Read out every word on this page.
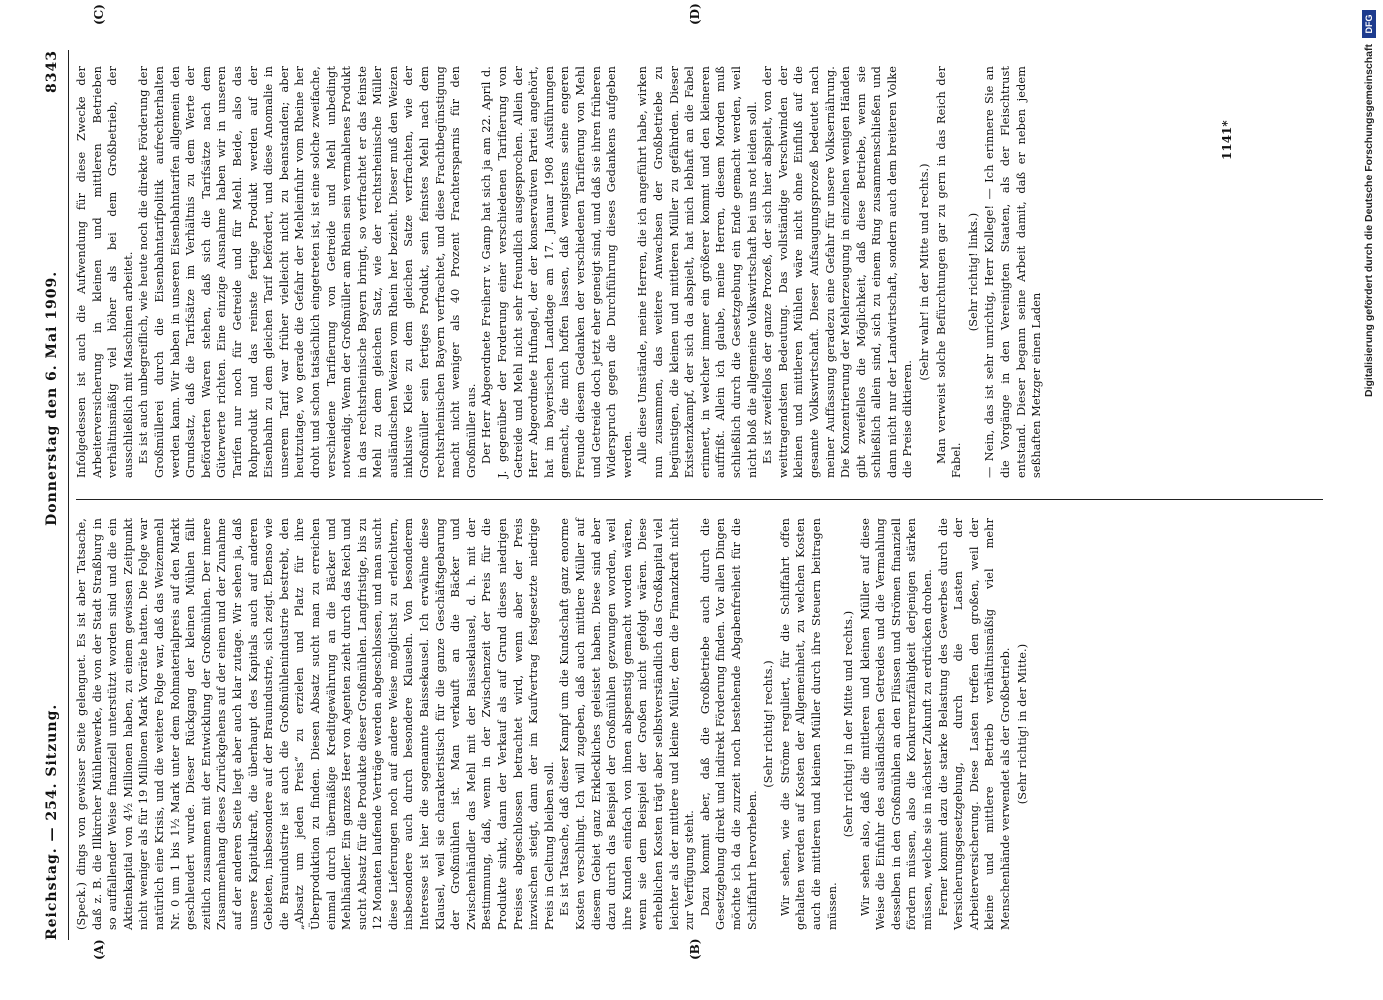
Reichstag. — 254. Sitzung.
Donnerstag den 6. Mai 1909.
8343
(A)	(B)
(C)	(D)

(Speck.) dings von gewisser Seite gelenguet. Es ist aber Tatsache, daß z. B. die Illkircher Mühlenwerke, die von der Stadt Straßburg in so auffallender Weise finanziell unterstützt worden sind und die ein Aktienkapital von 4½ Millionen haben, zu einem gewissen Zeitpunkt nicht weniger als für 19 Millionen Mark Vorräte hatten. Die Folge war natürlich eine Krisis, und die weitere Folge war, daß das Weizenmehl Nr. 0 um 1 bis 1½ Mark unter dem Rohmaterialpreis auf den Markt geschleudert wurde. Dieser Rückgang der kleinen Mühlen fällt zeitlich zusammen mit der Entwicklung der Großmühlen. Der innere Zusammenhang dieses Zurückgehens auf der einen und der Zunahme auf der anderen Seite liegt aber auch klar zutage. Wir sehen ja, daß unsere Kapitalkraft, die überhaupt des Kapitals auch auf anderen Gebieten, insbesondere auf der Brauindustrie, sich zeigt. Ebenso wie die Brauindustrie ist auch die Großmühlenindustrie bestrebt, den „Absatz um jeden Preis“ zu erzielen und Platz für ihre Überproduktion zu finden. Diesen Absatz sucht man zu erreichen einmal durch übermäßige Kreditgewährung an die Bäcker und Mehlhändler. Ein ganzes Heer von Agenten zieht durch das Reich und sucht Absatz für die Produkte dieser Großmühlen. Langfristige, bis zu 12 Monaten laufende Verträge werden abgeschlossen, und man sucht diese Lieferungen noch auf andere Weise möglichst zu erleichtern, insbesondere auch durch besondere Klauseln. Von besonderem Interesse ist hier die sogenannte Baissekausel. Ich erwähne diese Klausel, weil sie charakteristisch für die ganze Geschäftsgebarung der Großmühlen ist. Man verkauft an die Bäcker und Zwischenhändler das Mehl mit der Baisseklausel, d. h. mit der Bestimmung, daß, wenn in der Zwischenzeit der Preis für die Produkte sinkt, dann der Verkauf als auf Grund dieses niedrigen Preises abgeschlossen betrachtet wird, wenn aber der Preis inzwischen steigt, dann der im Kaufvertrag festgesetzte niedrige Preis in Geltung bleiben soll. Es ist Tatsache, daß dieser Kampf um die Kundschaft ganz enorme Kosten verschlingt. Ich will zugeben, daß auch mittlere Müller auf diesem Gebiet ganz Erkleckliches geleistet haben. Diese sind aber dazu durch das Beispiel der Großmühlen gezwungen worden, weil ihre Kunden einfach von ihnen abspenstig gemacht worden wären, wenn sie dem Beispiel der Großen nicht gefolgt wären. Diese erheblichen Kosten trägt aber selbstverständlich das Großkapital viel leichter als der mittlere und kleine Müller, dem die Finanzkraft nicht zur Verfügung steht. Dazu kommt aber, daß die Großbetriebe auch durch die Gesetzgebung direkt und indirekt Förderung finden. Vor allen Dingen möchte ich da die zurzeit noch bestehende Abgabenfreiheit für die Schiffahrt hervorheben.

(Sehr richtig! rechts.) Wir sehen, wie die Ströme reguliert, für die Schiffahrt offen gehalten werden auf Kosten der Allgemeinheit, zu welchen Kosten auch die mittleren und kleinen Müller durch ihre Steuern beitragen müssen.

(Sehr richtig! in der Mitte und rechts.) Wir sehen also, daß die mittleren und kleinen Müller auf diese Weise die Einfuhr des ausländischen Getreides und die Vermahlung desselben in den Großmühlen an den Flüssen und Strömen finanziell fördern müssen, also die Konkurrenzfähigkeit derjenigen stärken müssen, welche sie in nächster Zukunft zu erdrücken drohen. Ferner kommt dazu die starke Belastung des Gewerbes durch die Versicherungsgesetzgebung, durch die Lasten der Arbeiterversicherung. Diese Lasten treffen den großen, weil der kleine und mittlere Betrieb verhältnismäßig viel mehr Menschenhände verwendet als der Großbetrieb. (Sehr richtig! in der Mitte.)

Infolgedessen ist auch die Aufwendung für diese Zwecke der Arbeiterversicherung in kleinen und mittleren Betrieben verhältnismäßig viel höher als bei dem Großbetrieb, der ausschließlich mit Maschinen arbeitet. Es ist auch unbegreiflich, wie heute noch die direkte Förderung der Großmüllerei durch die Eisenbahntarifpolitik aufrechterhalten werden kann. Wir haben in unseren Eisenbahntarifen allgemein den Grundsatz, daß die Tarifsätze im Verhältnis zu dem Werte der beförderten Waren stehen, daß sich die Tarifsätze nach dem Güterwerte richten. Eine einzige Ausnahme haben wir in unseren Tarifen nur noch für Getreide und für Mehl. Beide, also das Rohprodukt und das reinste fertige Produkt werden auf der Eisenbahn zu dem gleichen Tarif befördert, und diese Anomalie in unserem Tarif war früher vielleicht nicht zu beanstanden; aber heutzutage, wo gerade die Gefahr der Mehleinfuhr vom Rheine her droht und schon tatsächlich eingetreten ist, ist eine solche zweifache, verschiedene Tarifierung von Getreide und Mehl unbedingt notwendig. Wenn der Großmüller am Rhein sein vermahlenes Produkt in das rechtsrheinische Bayern bringt, so verfrachtet er das feinste Mehl zu dem gleichen Satz, wie der rechtsrheinische Müller ausländischen Weizen vom Rhein her bezieht. Dieser muß den Weizen inklusive Kleie zu dem gleichen Satze verfrachten, wie der Großmüller sein fertiges Produkt, sein feinstes Mehl nach dem rechtsrheinischen Bayern verfrachtet, und diese Frachtbegünstigung macht nicht weniger als 40 Prozent Frachtersparnis für den Großmüller aus. Der Herr Abgeordnete Freiherr v. Gamp hat sich ja am 22. April d. J. gegenüber der Forderung einer verschiedenen Tarifierung von Getreide und Mehl nicht sehr freundlich ausgesprochen. Allein der Herr Abgeordnete Hufnagel, der der konservativen Partei angehört, hat im bayerischen Landtage am 17. Januar 1908 Ausführungen gemacht, die mich hoffen lassen, daß wenigstens seine engeren Freunde diesem Gedanken der verschiedenen Tarifierung von Mehl und Getreide doch jetzt eher geneigt sind, und daß sie ihren früheren Widerspruch gegen die Durchführung dieses Gedankens aufgeben werden. Alle diese Umstände, meine Herren, die ich angeführt habe, wirken nun zusammen, das weitere Anwachsen der Großbetriebe zu begünstigen, die kleinen und mittleren Müller zu gefährden. Dieser Existenzkampf, der sich da abspielt, hat mich lebhaft an die Fabel erinnert, in welcher immer ein größerer kommt und den kleineren auffrißt. Allein ich glaube, meine Herren, diesem Morden muß schließlich durch die Gesetzgebung ein Ende gemacht werden, weil nicht bloß die allgemeine Volkswirtschaft bei uns not leiden soll. Es ist zweifellos der ganze Prozeß, der sich hier abspielt, von der weittragendsten Bedeutung. Das vollständige Verschwinden der kleinen und mittleren Mühlen wäre nicht ohne Einfluß auf die gesamte Volkswirtschaft. Dieser Aufsaugungsprozeß bedeutet nach meiner Auffassung geradezu eine Gefahr für unsere Volksernährung. Die Konzentrierung der Mehlerzeugung in einzelnen wenigen Händen gibt zweifellos die Möglichkeit, daß diese Betriebe, wenn sie schließlich allein sind, sich zu einem Ring zusammenschließen und dann nicht nur der Landwirtschaft, sondern auch dem breiteren Volke die Preise diktieren.

(Sehr wahr! in der Mitte und rechts.) Man verweist solche Befürchtungen gar zu gern in das Reich der Fabel.

(Sehr richtig! links.) — Nein, das ist sehr unrichtig, Herr Kollege! — Ich erinnere Sie an die Vorgänge in den Vereinigten Staaten, als der Fleischtrust entstand. Dieser begann seine Arbeit damit, daß er neben jedem seßhaften Metzger einen Laden

1141*	Digitalisierung gefördert durch die Deutsche Forschungsgemeinschaft
DFG
